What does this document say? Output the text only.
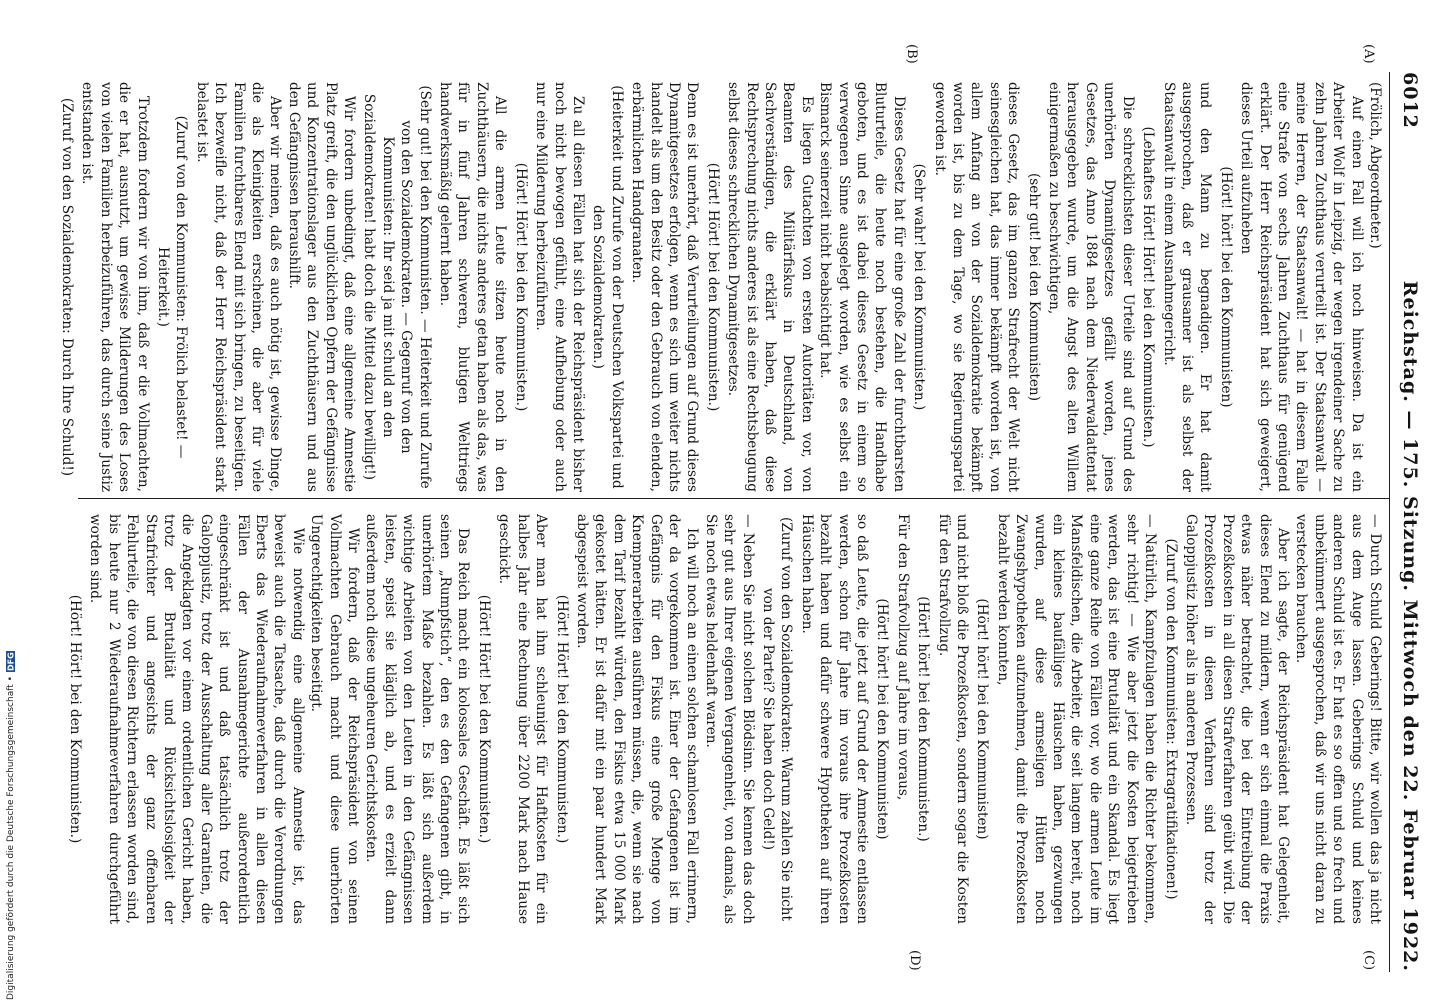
Digitalisierung gefördert durch die Deutsche Forschungsgemeinschaft •
DFG
6012
Reichstag. — 175. Sitzung. Mittwoch den 22. Februar 1922.
(A)
(B)
(C)
(D)

(Frölich, Abgeordneter.)

Auf einen Fall will ich noch hinweisen. Da ist ein Arbeiter Wolf in Leipzig, der wegen irgendeiner Sache zu zehn Jahren Zuchthaus verurteilt ist. Der Staatsanwalt — meine Herren, der Staatsanwalt! — hat in diesem Falle eine Strafe von sechs Jahren Zuchthaus für genügend erklärt. Der Herr Reichspräsident hat sich geweigert, dieses Urteil aufzuheben

(Hört! hört! bei den Kommunisten)

und den Mann zu begnadigen. Er hat damit ausgesprochen, daß er grausamer ist als selbst der Staatsanwalt in einem Ausnahmegericht.

(Lebhaftes Hört! Hört! bei den Kommunisten.)

Die schrecklichsten dieser Urteile sind auf Grund des unerhörten Dynamitgesetzes gefällt worden, jenes Gesetzes, das Anno 1884 nach dem Niederwaldattentat herausgegeben wurde, um die Angst des alten Willem einigermaßen zu beschwichtigen,

(sehr gut! bei den Kommunisten)

dieses Gesetz, das im ganzen Strafrecht der Welt nicht seinesgleichen hat, das immer bekämpft worden ist, von allem Anfang an von der Sozialdemokratie bekämpft worden ist, bis zu dem Tage, wo sie Regierungspartei geworden ist.

(Sehr wahr! bei den Kommunisten.)

Dieses Gesetz hat für eine große Zahl der furchtbarsten Bluturteile, die heute noch bestehen, die Handhabe geboten, und es ist dabei dieses Gesetz in einem so verwegenen Sinne ausgelegt worden, wie es selbst ein Bismarck seinerzeit nicht beabsichtigt hat.

Es liegen Gutachten von ersten Autoritäten vor, von Beamten des Militärfiskus in Deutschland, von Sachverständigen, die erklärt haben, daß diese Rechtsprechung nichts anderes ist als eine Rechtsbeugung selbst dieses schrecklichen Dynamitgesetzes.

(Hört! Hört! bei den Kommunisten.)

Denn es ist unerhört, daß Verurteilungen auf Grund dieses Dynamitgesetzes erfolgen, wenn es sich um weiter nichts handelt als um den Besitz oder den Gebrauch von elenden, erbärmlichen Handgranaten.

(Heiterkeit und Zurufe von der Deutschen Volkspartei und den Sozialdemokraten.)

Zu all diesen Fällen hat sich der Reichspräsident bisher noch nicht bewogen gefühlt, eine Aufhebung oder auch nur eine Milderung herbeizuführen.

(Hört! Hört! bei den Kommunisten.)

All die armen Leute sitzen heute noch in den Zuchthäusern, die nichts anderes getan haben als das, was für in fünf Jahren schweren, blutigen Welttriegs handwerksmäßig gelernt haben.

(Sehr gut! bei den Kommunisten. — Heiterkeit und Zurufe von den Sozialdemokraten. — Gegenruf von den Kommunisten: Ihr seid ja mit schuld an den Sozialdemokraten! habt doch die Mittel dazu bewilligt!)

Wir fordern unbedingt, daß eine allgemeine Amnestie Platz greift, die den unglücklichen Opfern der Gefängnisse und Konzentrationslager aus den Zuchthäusern und aus den Gefängnissen heraushilft.

Aber wir meinen, daß es auch nötig ist, gewisse Dinge, die als Kleinigkeiten erscheinen, die aber für viele Familien furchtbares Elend mit sich bringen, zu beseitigen. Ich bezweifle nicht, daß der Herr Reichspräsident stark belastet ist.

(Zuruf von den Kommunisten: Frölich belastet! — Heiterkeit.)

Trotzdem fordern wir von ihm, daß er die Vollmachten, die er hat, ausnutzt, um gewisse Milderungen des Loses von vielen Familien herbeizuführen, das durch seine Justiz entstanden ist.

(Zuruf von den Sozialdemokraten: Durch Ihre Schuld!)

— Durch Schuld Geberings! Bitte, wir wollen das ja nicht aus dem Auge lassen. Geberings Schuld und keines anderen Schuld ist es. Er hat es so offen und so frech und unbekümmert ausgesprochen, daß wir uns nicht daran zu verstecken brauchen.

Aber ich sagte, der Reichspräsident hat Gelegenheit, dieses Elend zu mildern, wenn er sich einmal die Praxis etwas näher betrachtet, die bei der Eintreibung der Prozeßkosten in all diesen Strafverfahren geübt wird. Die Prozeßkosten in diesen Verfahren sind trotz der Galoppjustiz höher als in anderen Prozessen.

(Zuruf von den Kommunisten: Extragratifikationen!)

— Natürlich, Kampfzulagen haben die Richter bekommen, sehr richtig! — Wie aber jetzt die Kosten beigetrieben werden, das ist eine Brutalität und ein Skandal. Es liegt eine ganze Reihe von Fällen vor, wo die armen Leute im Mansfeldischen, die Arbeiter, die seit langem bereit, noch ein kleines baufälliges Häuschen haben, gezwungen wurden, auf diese armseligen Hütten noch Zwangshypotheken aufzunehmen, damit die Prozeßkosten bezahlt werden konnten,

(Hört! hört! bei den Kommunisten)

und nicht bloß die Prozeßkosten, sondern sogar die Kosten für den Strafvollzug.

(Hört! hört! bei den Kommunisten.)

Für den Strafvollzug auf Jahre im voraus,

(Hört! hört! bei den Kommunisten)

so daß Leute, die jetzt auf Grund der Amnestie entlassen werden, schon für Jahre im voraus ihre Prozeßkosten bezahlt haben und dafür schwere Hypotheken auf ihren Häuschen haben.

(Zuruf von den Sozialdemokraten: Warum zahlen Sie nicht von der Partei? Sie haben doch Geld!)

— Neben Sie nicht solchen Blödsinn. Sie kennen das doch sehr gut aus Ihrer eigenen Vergangenheit, von damals, als Sie noch etwas heldenhaft waren.

Ich will noch an einen solchen schamlosen Fall erinnern, der da vorgekommen ist. Einer der Gefangenen ist im Gefängnis für den Fiskus eine große Menge von Knempnerarbeiten ausführen müssen, die, wenn sie nach dem Tarif bezahlt würden, den Fiskus etwa 15 000 Mark gekostet hätten. Er ist dafür mit ein paar hundert Mark abgespeist worden.

(Hört! Hört! bei den Kommunisten.)

Aber man hat ihm schleunigst für Haftkosten für ein halbes Jahr eine Rechnung über 2200 Mark nach Hause geschickt.

(Hört! Hört! bei den Kommunisten.)

Das Reich macht ein kolossales Geschäft. Es läßt sich seinen „Rumpfstich“, den es den Gefangenen gibt, in unerhörtem Maße bezahlen. Es läßt sich außerdem wichtige Arbeiten von den Leuten in den Gefängnissen leisten, speist sie kläglich ab, und es erzielt dann außerdem noch diese ungeheuren Gerichtskosten.

Wir fordern, daß der Reichspräsident von seinen Vollmachten Gebrauch macht und diese unerhörten Ungerechtigkeiten beseitigt.

Wie notwendig eine allgemeine Amnestie ist, das beweist auch die Tatsache, daß durch die Verordnungen Eberts das Wiederaufnahmeverfahren in allen diesen Fällen der Ausnahmegerichte außerordentlich eingeschränkt ist und daß tatsächlich trotz der Galoppjustiz, trotz der Ausschaltung aller Garantien, die die Angeklagten vor einem ordentlichen Gericht haben, trotz der Brutalität und Rücksichtslosigkeit der Strafrichter und angesichts der ganz offenbaren Fehlurteile, die von diesen Richtern erlassen worden sind, bis heute nur 2 Wiederaufnahmeverfahren durchgeführt worden sind.

(Hört! Hört! bei den Kommunisten.)
